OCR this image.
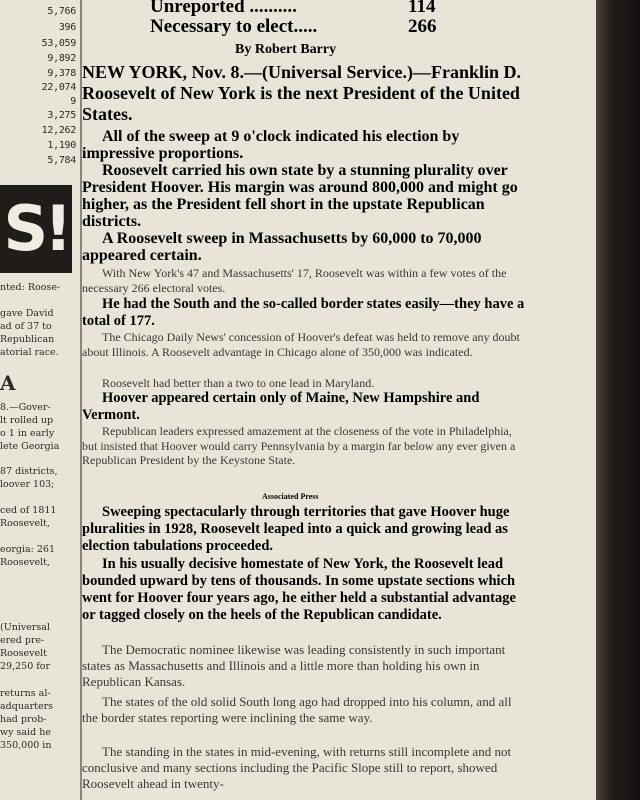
5,766
396
53,059
9,892
9,378
22,074
9
3,275
12,262
1,190
5,784
S!
nted: Roose-
gave David
ad of 37 to
Republican
atorial race.
A
8.—Gover-
lt rolled up
o 1 in early
lete Georgia
87 districts,
loover 103;
ced of 1811
Roosevelt,
eorgia: 261
Roosevelt,
(Universal
ered pre-
Roosevelt
29,250 for
returns al-
adquarters
had prob-
wy said he
350,000 in
Unreported ..........	114
Necessary to elect.....	266
By Robert Barry
NEW YORK, Nov. 8.—(Universal Service.)—Franklin D. Roosevelt of New York is the next President of the United States.
All of the sweep at 9 o'clock indicated his election by impressive proportions.
Roosevelt carried his own state by a stunning plurality over President Hoover. His margin was around 800,000 and might go higher, as the President fell short in the upstate Republican districts.
A Roosevelt sweep in Massachusetts by 60,000 to 70,000 appeared certain.
With New York's 47 and Massachusetts' 17, Roosevelt was within a few votes of the necessary 266 electoral votes.
He had the South and the so-called border states easily—they have a total of 177.
The Chicago Daily News' concession of Hoover's defeat was held to remove any doubt about Illinois. A Roosevelt advantage in Chicago alone of 350,000 was indicated.
Roosevelt had better than a two to one lead in Maryland.
Hoover appeared certain only of Maine, New Hampshire and Vermont.
Republican leaders expressed amazement at the closeness of the vote in Philadelphia, but insisted that Hoover would carry Pennsylvania by a margin far below any ever given a Republican President by the Keystone State.
Associated Press
Sweeping spectacularly through territories that gave Hoover huge pluralities in 1928, Roosevelt leaped into a quick and growing lead as election tabulations proceeded.
In his usually decisive homestate of New York, the Roosevelt lead bounded upward by tens of thousands. In some upstate sections which went for Hoover four years ago, he either held a substantial advantage or tagged closely on the heels of the Republican candidate.
The Democratic nominee likewise was leading consistently in such important states as Massachusetts and Illinois and a little more than holding his own in Republican Kansas.
The states of the old solid South long ago had dropped into his column, and all the border states reporting were inclining the same way.
The standing in the states in mid-evening, with returns still incomplete and not conclusive and many sections including the Pacific Slope still to report, showed Roosevelt ahead in twenty-
